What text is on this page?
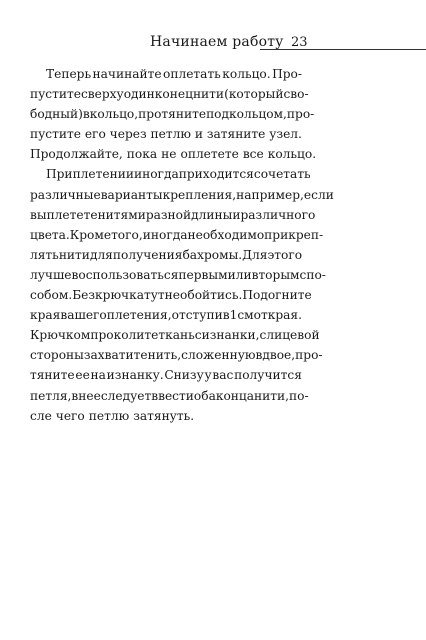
Начинаем работу 23
Теперь начинайте оплетать кольцо. Про-
пустите сверху один конец нити (который сво-
бодный) в кольцо, протяните под кольцом, про-
пустите его через петлю и затяните узел.
Продолжайте, пока не оплетете все кольцо.
При плетении иногда приходится сочетать
различные варианты крепления, например, если
вы плетете нитями разной длины и различного
цвета. Кроме того, иногда необходимо прикреп-
лять нити для получения бахромы. Для этого
лучше воспользоваться первым или вторым спо-
собом. Без крючка тут не обойтись. Подогните
края вашего плетения, отступив 1 см от края.
Крючком проколите ткань с изнанки, с лицевой
стороны захватите нить, сложенную вдвое, про-
тяните ее на изнанку. Снизу у вас получится
петля, в нее следует ввести оба конца нити, по-
сле чего петлю затянуть.
